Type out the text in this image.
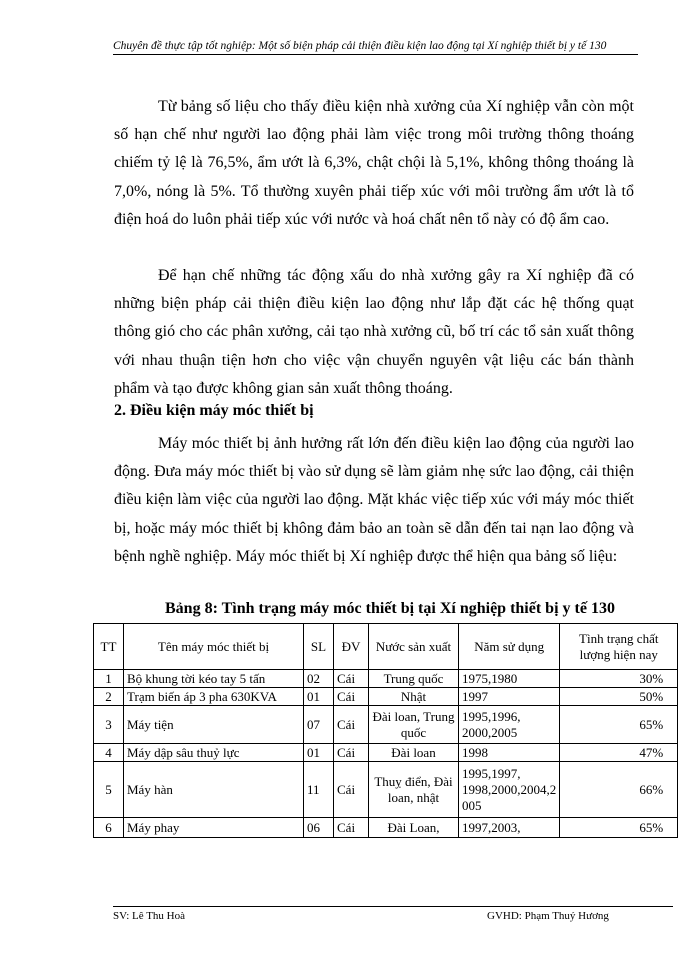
Chuyên đề thực tập tốt nghiệp: Một số biện pháp cải thiện điều kiện lao động tại Xí nghiệp thiết bị y tế 130

Từ bảng số liệu cho thấy điều kiện nhà xưởng của Xí nghiệp vẫn còn một số hạn chế như người lao động phải làm việc trong môi trường thông thoáng chiếm tỷ lệ là 76,5%, ẩm ướt là 6,3%, chật chội là 5,1%, không thông thoáng là 7,0%, nóng là 5%. Tổ thường xuyên phải tiếp xúc với môi trường ẩm ướt là tổ điện hoá do luôn phải tiếp xúc với nước và hoá chất nên tổ này có độ ẩm cao.

Để hạn chế những tác động xấu do nhà xưởng gây ra Xí nghiệp đã có những biện pháp cải thiện điều kiện lao động như lắp đặt các hệ thống quạt thông gió cho các phân xưởng, cải tạo nhà xưởng cũ, bố trí các tổ sản xuất thông với nhau thuận tiện hơn cho việc vận chuyển nguyên vật liệu các bán thành phẩm và tạo được không gian sản xuất thông thoáng.

2. Điều kiện máy móc thiết bị

Máy móc thiết bị ảnh hưởng rất lớn đến điều kiện lao động của người lao động. Đưa máy móc thiết bị vào sử dụng sẽ làm giảm nhẹ sức lao động, cải thiện điều kiện làm việc của người lao động. Mặt khác việc tiếp xúc với máy móc thiết bị, hoặc máy móc thiết bị không đảm bảo an toàn sẽ dẫn đến tai nạn lao động và bệnh nghề nghiệp. Máy móc thiết bị Xí nghiệp được thể hiện qua bảng số liệu:

Bảng 8: Tình trạng máy móc thiết bị tại Xí nghiệp thiết bị y tế 130
TT	Tên máy móc thiết bị	SL	ĐV	Nước sản xuất	Năm sử dụng	Tình trạng chất lượng hiện nay
1	Bộ khung tời kéo tay 5 tấn	02	Cái	Trung quốc	1975,1980	30%
2	Trạm biến áp 3 pha 630KVA	01	Cái	Nhật	1997	50%
3	Máy tiện	07	Cái	Đài loan, Trung quốc	1995,1996, 2000,2005	65%
4	Máy dập sâu thuỷ lực	01	Cái	Đài loan	1998	47%
5	Máy hàn	11	Cái	Thuỵ điển, Đài loan, nhật	1995,1997, 1998,2000,2004,2 005	66%
6	Máy phay	06	Cái	Đài Loan,	1997,2003,	65%
SV: Lê Thu Hoà	GVHD: Phạm Thuý Hương
